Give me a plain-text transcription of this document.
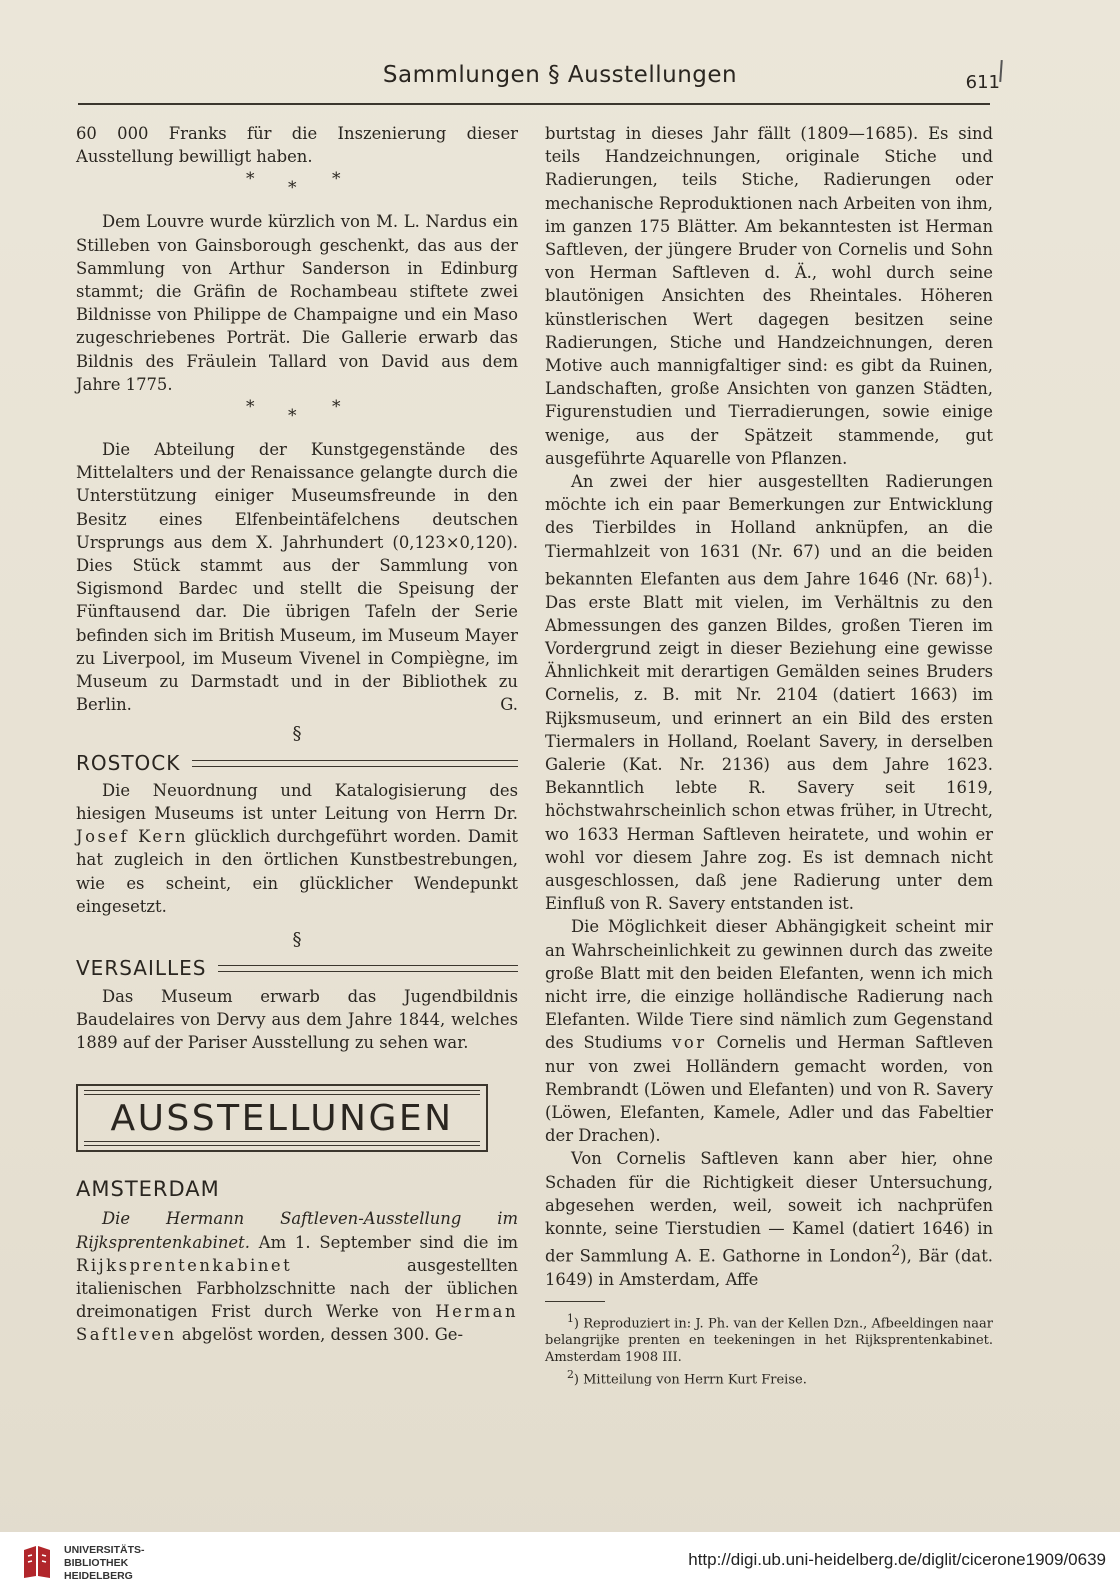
Sammlungen § Ausstellungen	611

60 000 Franks für die Inszenierung dieser Ausstellung bewilligt haben.

* * *

Dem Louvre wurde kürzlich von M. L. Nardus ein Stilleben von Gainsborough geschenkt, das aus der Sammlung von Arthur Sanderson in Edinburg stammt; die Gräfin de Rochambeau stiftete zwei Bildnisse von Philippe de Champaigne und ein Maso zugeschriebenes Porträt. Die Gallerie erwarb das Bildnis des Fräulein Tallard von David aus dem Jahre 1775.

* * *

Die Abteilung der Kunstgegenstände des Mittelalters und der Renaissance gelangte durch die Unterstützung einiger Museumsfreunde in den Besitz eines Elfenbeintäfelchens deutschen Ursprungs aus dem X. Jahrhundert (0,123×0,120). Dies Stück stammt aus der Sammlung von Sigismond Bardec und stellt die Speisung der Fünftausend dar. Die übrigen Tafeln der Serie befinden sich im British Museum, im Museum Mayer zu Liverpool, im Museum Vivenel in Compiègne, im Museum zu Darmstadt und in der Bibliothek zu Berlin.	G.

§
ROSTOCK

Die Neuordnung und Katalogisierung des hiesigen Museums ist unter Leitung von Herrn Dr. Josef Kern glücklich durchgeführt worden. Damit hat zugleich in den örtlichen Kunstbestrebungen, wie es scheint, ein glücklicher Wendepunkt eingesetzt.

§
VERSAILLES

Das Museum erwarb das Jugendbildnis Baudelaires von Dervy aus dem Jahre 1844, welches 1889 auf der Pariser Ausstellung zu sehen war.

AUSSTELLUNGEN
AMSTERDAM

Die Hermann Saftleven-Ausstellung im Rijksprentenkabinet. Am 1. September sind die im Rijksprentenkabinet	ausgestellten italienischen Farbholzschnitte nach der üblichen dreimonatigen Frist durch Werke von Herman Saftleven abgelöst worden, dessen 300. Ge-

burtstag in dieses Jahr fällt (1809—1685). Es sind teils Handzeichnungen, originale Stiche und Radierungen, teils Stiche, Radierungen oder mechanische Reproduktionen nach Arbeiten von ihm, im ganzen 175 Blätter. Am bekanntesten ist Herman Saftleven, der jüngere Bruder von Cornelis und Sohn von Herman Saftleven d. Ä., wohl durch seine blautönigen Ansichten des Rheintales. Höheren künstlerischen Wert dagegen besitzen seine Radierungen, Stiche und Handzeichnungen, deren Motive auch mannigfaltiger sind: es gibt da Ruinen, Landschaften, große Ansichten von ganzen Städten, Figurenstudien und Tierradierungen, sowie einige wenige, aus der Spätzeit stammende, gut ausgeführte Aquarelle von Pflanzen.

An zwei der hier ausgestellten Radierungen möchte ich ein paar Bemerkungen zur Entwicklung des Tierbildes in Holland anknüpfen, an die Tiermahlzeit von 1631 (Nr. 67) und an die beiden bekannten Elefanten aus dem Jahre 1646 (Nr. 68)$^1$). Das erste Blatt mit vielen, im Verhältnis zu den Abmessungen des ganzen Bildes, großen Tieren im Vordergrund zeigt in dieser Beziehung eine gewisse Ähnlichkeit mit derartigen Gemälden seines Bruders Cornelis, z. B. mit Nr. 2104 (datiert 1663) im Rijksmuseum, und erinnert an ein Bild des ersten Tiermalers in Holland, Roelant Savery, in derselben Galerie (Kat. Nr. 2136) aus dem Jahre 1623. Bekanntlich lebte R. Savery seit 1619, höchstwahrscheinlich schon etwas früher, in Utrecht, wo 1633 Herman Saftleven heiratete, und wohin er wohl vor diesem Jahre zog. Es ist demnach nicht ausgeschlossen, daß jene Radierung unter dem Einfluß von R. Savery entstanden ist.

Die Möglichkeit dieser Abhängigkeit scheint mir an Wahrscheinlichkeit zu gewinnen durch das zweite große Blatt mit den beiden Elefanten, wenn ich mich nicht irre, die einzige holländische Radierung nach Elefanten. Wilde Tiere sind nämlich zum Gegenstand des Studiums vor Cornelis und Herman Saftleven nur von zwei Holländern gemacht worden, von Rembrandt (Löwen und Elefanten) und von R. Savery (Löwen, Elefanten, Kamele, Adler und das Fabeltier der Drachen).

Von Cornelis Saftleven kann aber hier, ohne Schaden für die Richtigkeit dieser Untersuchung, abgesehen werden, weil, soweit ich nachprüfen konnte, seine Tierstudien — Kamel (datiert 1646) in der Sammlung A. E. Gathorne in London$^2$), Bär (dat. 1649) in Amsterdam, Affe

$^1$) Reproduziert in: J. Ph. van der Kellen Dzn., Afbeeldingen naar belangrijke prenten en teekeningen in het Rijksprentenkabinet. Amsterdam 1908 III.

$^2$) Mitteilung von Herrn Kurt Freise.

UNIVERSITÄTS-
BIBLIOTHEK
HEIDELBERG
http://digi.ub.uni-heidelberg.de/diglit/cicerone1909/0639
